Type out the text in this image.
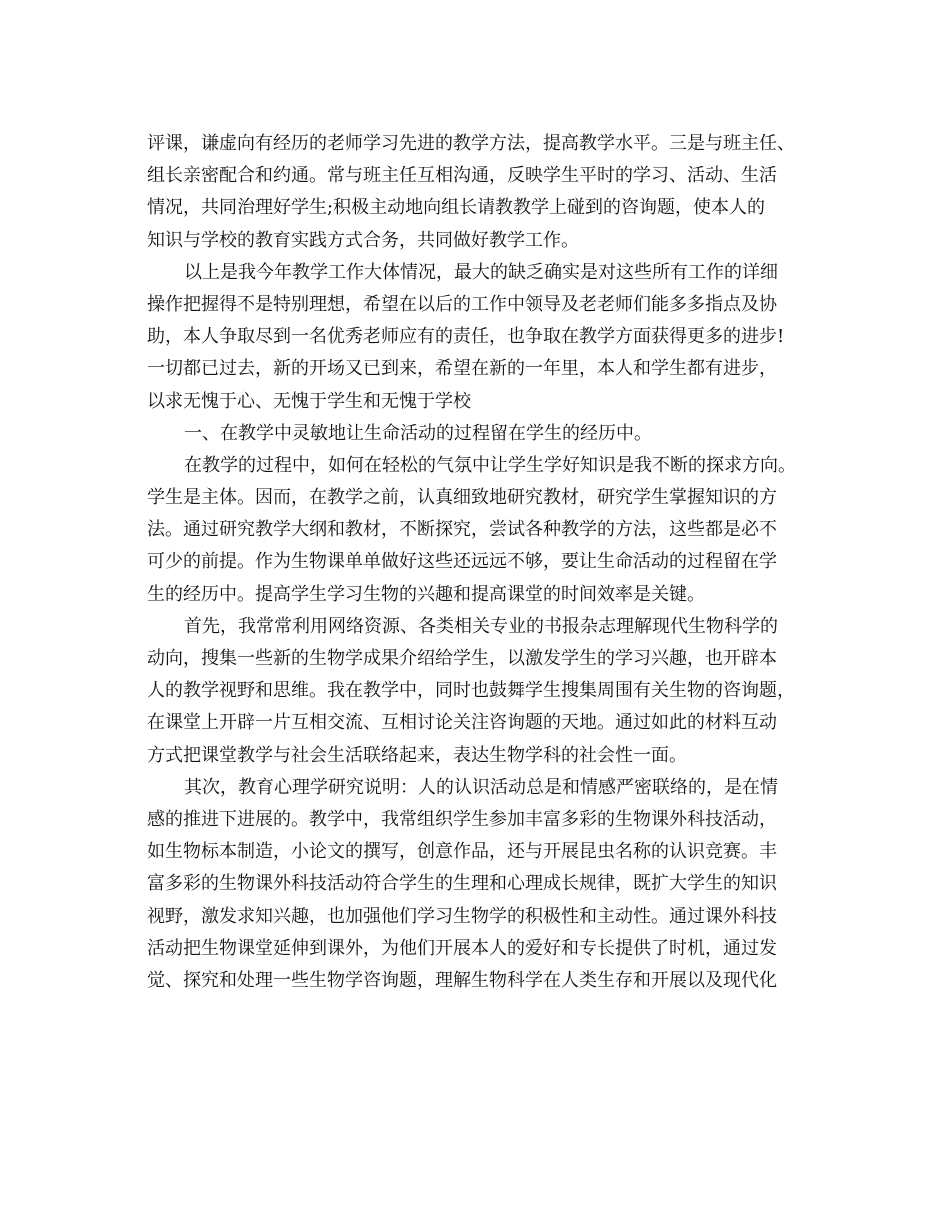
评课，谦虚向有经历的老师学习先进的教学方法，提高教学水平。三是与班主任、
组长亲密配合和约通。常与班主任互相沟通，反映学生平时的学习、活动、生活
情况，共同治理好学生;积极主动地向组长请教教学上碰到的咨询题，使本人的
知识与学校的教育实践方式合务，共同做好教学工作。
以上是我今年教学工作大体情况，最大的缺乏确实是对这些所有工作的详细
操作把握得不是特别理想，希望在以后的工作中领导及老老师们能多多指点及协
助，本人争取尽到一名优秀老师应有的责任，也争取在教学方面获得更多的进步!
一切都已过去，新的开场又已到来，希望在新的一年里，本人和学生都有进步，
以求无愧于心、无愧于学生和无愧于学校
一、在教学中灵敏地让生命活动的过程留在学生的经历中。
在教学的过程中，如何在轻松的气氛中让学生学好知识是我不断的探求方向。
学生是主体。因而，在教学之前，认真细致地研究教材，研究学生掌握知识的方
法。通过研究教学大纲和教材，不断探究，尝试各种教学的方法，这些都是必不
可少的前提。作为生物课单单做好这些还远远不够，要让生命活动的过程留在学
生的经历中。提高学生学习生物的兴趣和提高课堂的时间效率是关键。
首先，我常常利用网络资源、各类相关专业的书报杂志理解现代生物科学的
动向，搜集一些新的生物学成果介绍给学生，以激发学生的学习兴趣，也开辟本
人的教学视野和思维。我在教学中，同时也鼓舞学生搜集周围有关生物的咨询题，
在课堂上开辟一片互相交流、互相讨论关注咨询题的天地。通过如此的材料互动
方式把课堂教学与社会生活联络起来，表达生物学科的社会性一面。
其次，教育心理学研究说明：人的认识活动总是和情感严密联络的，是在情
感的推进下进展的。教学中，我常组织学生参加丰富多彩的生物课外科技活动，
如生物标本制造，小论文的撰写，创意作品，还与开展昆虫名称的认识竞赛。丰
富多彩的生物课外科技活动符合学生的生理和心理成长规律，既扩大学生的知识
视野，激发求知兴趣，也加强他们学习生物学的积极性和主动性。通过课外科技
活动把生物课堂延伸到课外，为他们开展本人的爱好和专长提供了时机，通过发
觉、探究和处理一些生物学咨询题，理解生物科学在人类生存和开展以及现代化
